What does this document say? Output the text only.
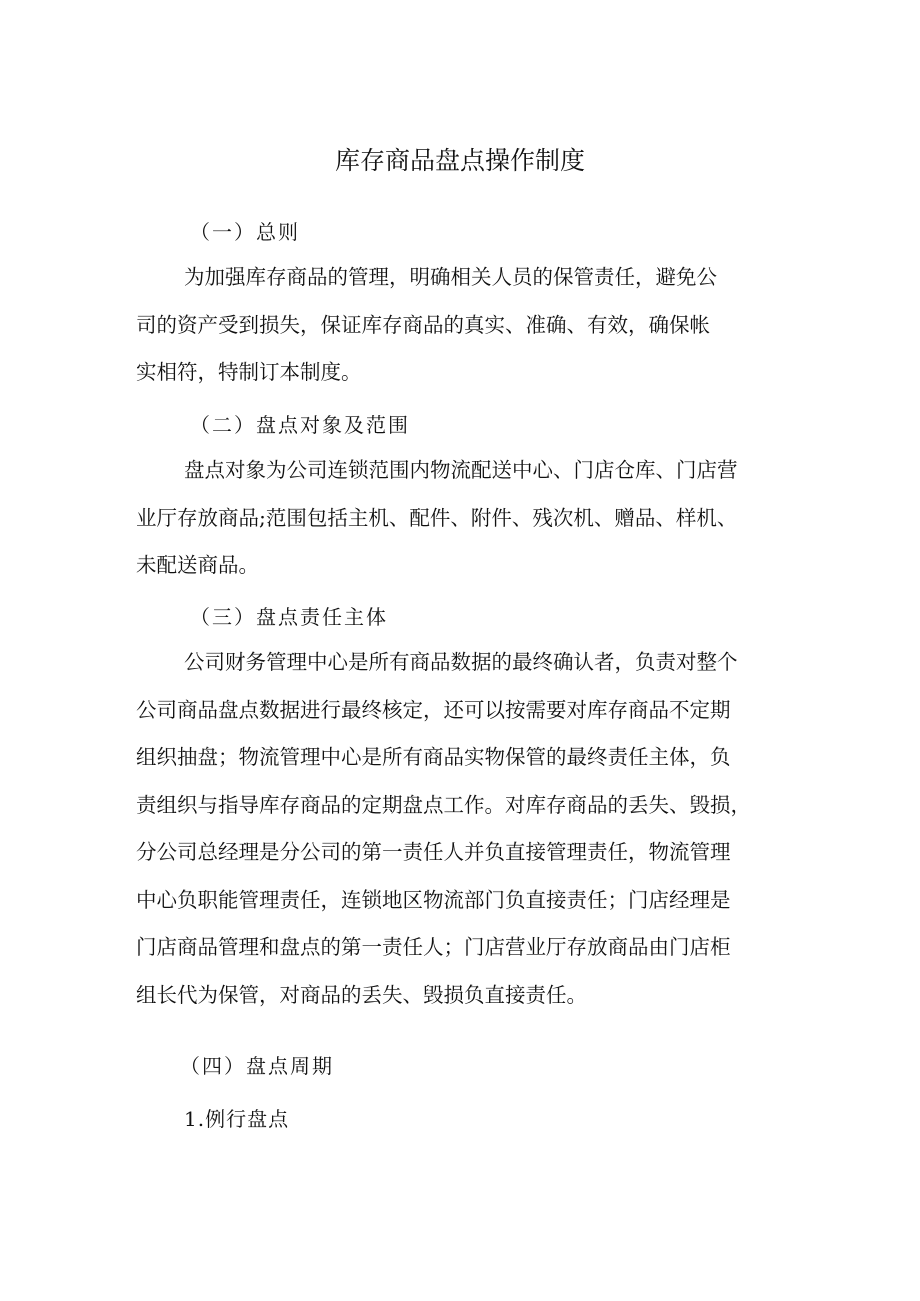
库存商品盘点操作制度
（一）总则
为加强库存商品的管理，明确相关人员的保管责任，避免公
司的资产受到损失，保证库存商品的真实、准确、有效，确保帐
实相符，特制订本制度。
（二）盘点对象及范围
盘点对象为公司连锁范围内物流配送中心、门店仓库、门店营
业厅存放商品;范围包括主机、配件、附件、残次机、赠品、样机、
未配送商品。
（三）盘点责任主体
公司财务管理中心是所有商品数据的最终确认者，负责对整个
公司商品盘点数据进行最终核定，还可以按需要对库存商品不定期
组织抽盘；物流管理中心是所有商品实物保管的最终责任主体，负
责组织与指导库存商品的定期盘点工作。对库存商品的丢失、毁损，
分公司总经理是分公司的第一责任人并负直接管理责任，物流管理
中心负职能管理责任，连锁地区物流部门负直接责任；门店经理是
门店商品管理和盘点的第一责任人；门店营业厅存放商品由门店柜
组长代为保管，对商品的丢失、毁损负直接责任。
（四）盘点周期
1.例行盘点
